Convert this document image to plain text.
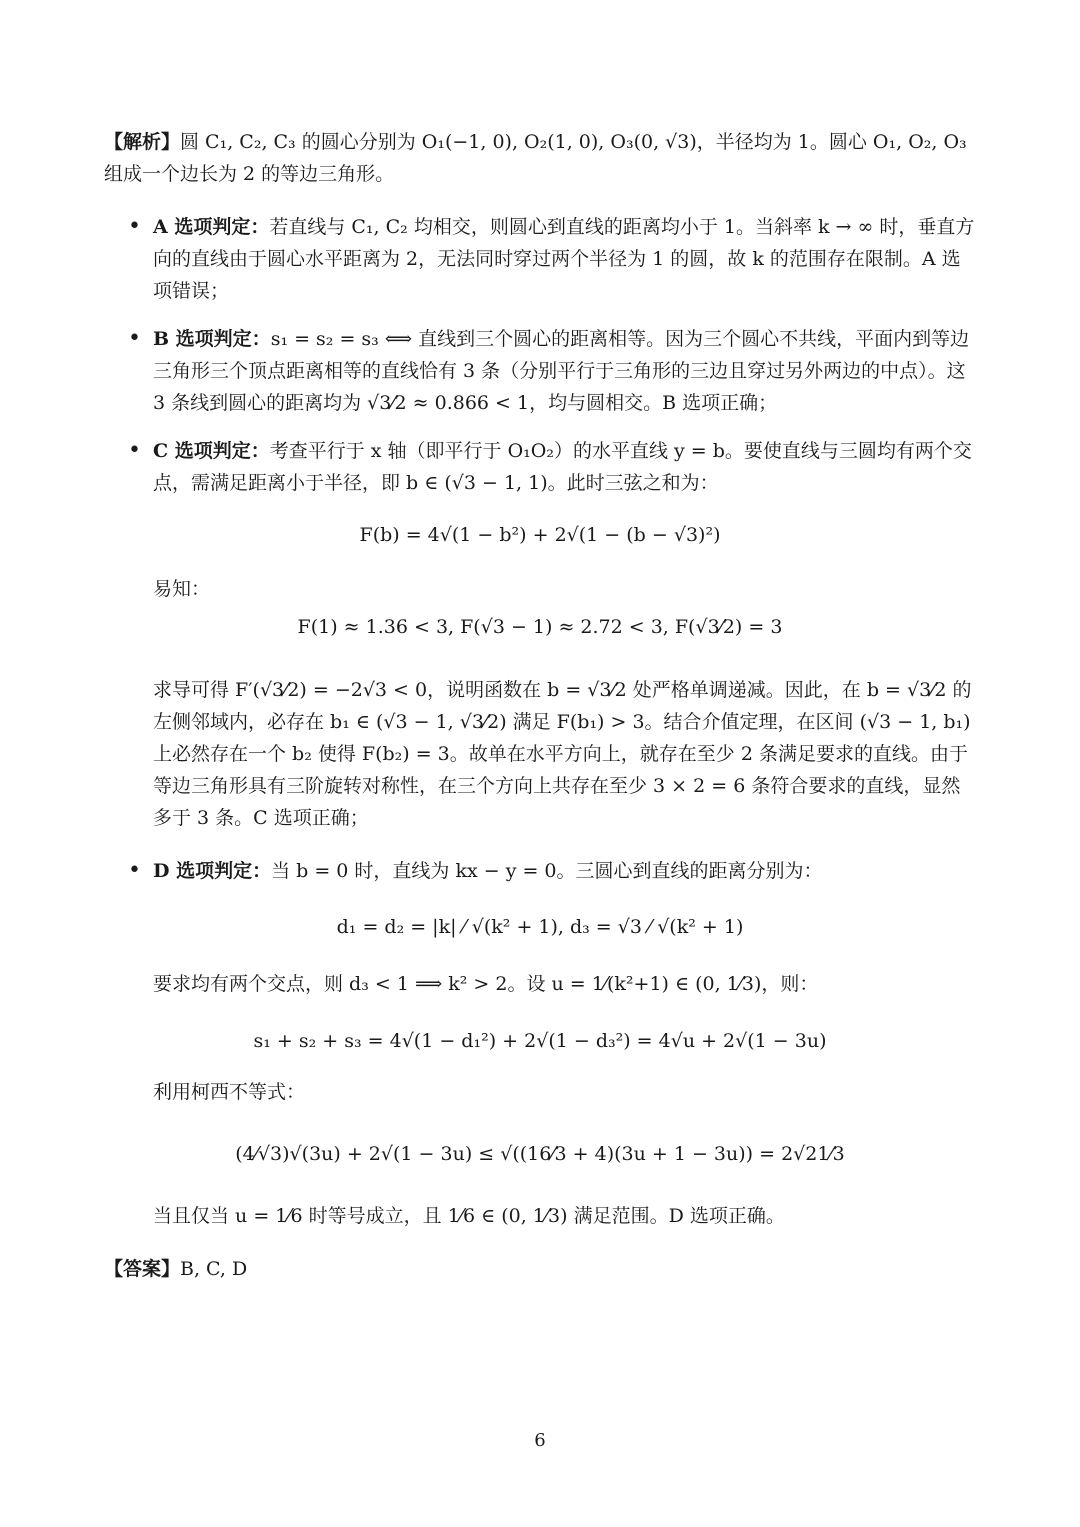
【解析】圆 C₁, C₂, C₃ 的圆心分别为 O₁(−1, 0), O₂(1, 0), O₃(0, √3)，半径均为 1。圆心 O₁, O₂, O₃ 组成一个边长为 2 的等边三角形。

• A 选项判定：若直线与 C₁, C₂ 均相交，则圆心到直线的距离均小于 1。当斜率 k → ∞ 时，垂直方向的直线由于圆心水平距离为 2，无法同时穿过两个半径为 1 的圆，故 k 的范围存在限制。A 选项错误；

• B 选项判定：s₁ = s₂ = s₃ ⟺ 直线到三个圆心的距离相等。因为三个圆心不共线，平面内到等边三角形三个顶点距离相等的直线恰有 3 条（分别平行于三角形的三边且穿过另外两边的中点）。这 3 条线到圆心的距离均为 √3⁄2 ≈ 0.866 < 1，均与圆相交。B 选项正确；

• C 选项判定：考查平行于 x 轴（即平行于 O₁O₂）的水平直线 y = b。要使直线与三圆均有两个交点，需满足距离小于半径，即 b ∈ (√3 − 1, 1)。此时三弦之和为：

F(b) = 4√(1 − b²) + 2√(1 − (b − √3)²)

易知：

F(1) ≈ 1.36 < 3, F(√3 − 1) ≈ 2.72 < 3, F(√3⁄2) = 3

求导可得 F′(√3⁄2) = −2√3 < 0，说明函数在 b = √3⁄2 处严格单调递减。因此，在 b = √3⁄2 的左侧邻域内，必存在 b₁ ∈ (√3 − 1, √3⁄2) 满足 F(b₁) > 3。结合介值定理，在区间 (√3 − 1, b₁) 上必然存在一个 b₂ 使得 F(b₂) = 3。故单在水平方向上，就存在至少 2 条满足要求的直线。由于等边三角形具有三阶旋转对称性，在三个方向上共存在至少 3 × 2 = 6 条符合要求的直线，显然多于 3 条。C 选项正确；

• D 选项判定：当 b = 0 时，直线为 kx − y = 0。三圆心到直线的距离分别为：

d₁ = d₂ = |k| ⁄ √(k² + 1), d₃ = √3 ⁄ √(k² + 1)

要求均有两个交点，则 d₃ < 1 ⟹ k² > 2。设 u = 1⁄(k²+1) ∈ (0, 1⁄3)，则：

s₁ + s₂ + s₃ = 4√(1 − d₁²) + 2√(1 − d₃²) = 4√u + 2√(1 − 3u)

利用柯西不等式：

(4⁄√3)√(3u) + 2√(1 − 3u) ≤ √((16⁄3 + 4)(3u + 1 − 3u)) = 2√21⁄3

当且仅当 u = 1⁄6 时等号成立，且 1⁄6 ∈ (0, 1⁄3) 满足范围。D 选项正确。

【答案】B, C, D

6
